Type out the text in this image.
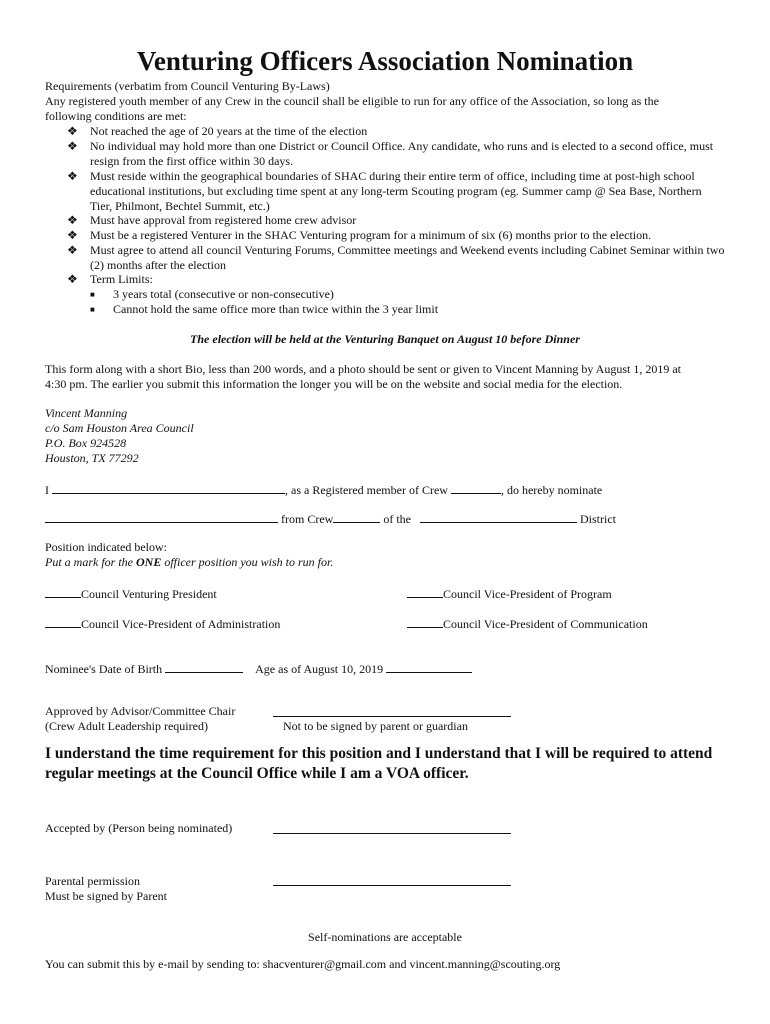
Venturing Officers Association Nomination
Requirements (verbatim from Council Venturing By-Laws)
Any registered youth member of any Crew in the council shall be eligible to run for any office of the Association, so long as the
following conditions are met:
❖ Not reached the age of 20 years at the time of the election
❖ No individual may hold more than one District or Council Office. Any candidate, who runs and is elected to a second office, must resign from the first office within 30 days.
❖ Must reside within the geographical boundaries of SHAC during their entire term of office, including time at post-high school educational institutions, but excluding time spent at any long-term Scouting program (eg. Summer camp @ Sea Base, Northern Tier, Philmont, Bechtel Summit, etc.)
❖ Must have approval from registered home crew advisor
❖ Must be a registered Venturer in the SHAC Venturing program for a minimum of six (6) months prior to the election.
❖ Must agree to attend all council Venturing Forums, Committee meetings and Weekend events including Cabinet Seminar within two (2) months after the election
❖ Term Limits:
■ 3 years total (consecutive or non-consecutive)
■ Cannot hold the same office more than twice within the 3 year limit
The election will be held at the Venturing Banquet on August 10 before Dinner
This form along with a short Bio, less than 200 words, and a photo should be sent or given to Vincent Manning by August 1, 2019 at
4:30 pm. The earlier you submit this information the longer you will be on the website and social media for the election.
Vincent Manning
c/o Sam Houston Area Council
P.O. Box 924528
Houston, TX 77292
I	, as a Registered member of Crew	, do hereby nominate
from Crew	of the	District
Position indicated below:
Put a mark for the ONE officer position you wish to run for.
Council Venturing President	Council Vice-President of Program
Council Vice-President of Administration	Council Vice-President of Communication
Nominee's Date of Birth	Age as of August 10, 2019
Approved by Advisor/Committee Chair
(Crew Adult Leadership required)	Not to be signed by parent or guardian
I understand the time requirement for this position and I understand that I will be required to attend
regular meetings at the Council Office while I am a VOA officer.
Accepted by (Person being nominated)
Parental permission
Must be signed by Parent
Self-nominations are acceptable
You can submit this by e-mail by sending to: shacventurer@gmail.com and vincent.manning@scouting.org
